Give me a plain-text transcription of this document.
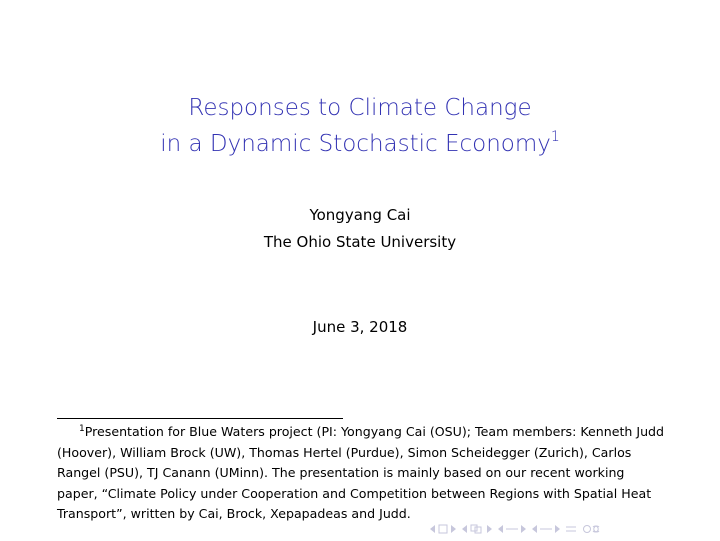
Responses to Climate Change
in a Dynamic Stochastic Economy$^1$
Yongyang Cai
The Ohio State University
June 3, 2018
$^1$Presentation for Blue Waters project (PI: Yongyang Cai (OSU); Team members: Kenneth Judd (Hoover), William Brock (UW), Thomas Hertel (Purdue), Simon Scheidegger (Zurich), Carlos Rangel (PSU), TJ Canann (UMinn). The presentation is mainly based on our recent working paper, “Climate Policy under Cooperation and Competition between Regions with Spatial Heat Transport”, written by Cai, Brock, Xepapadeas and Judd.
